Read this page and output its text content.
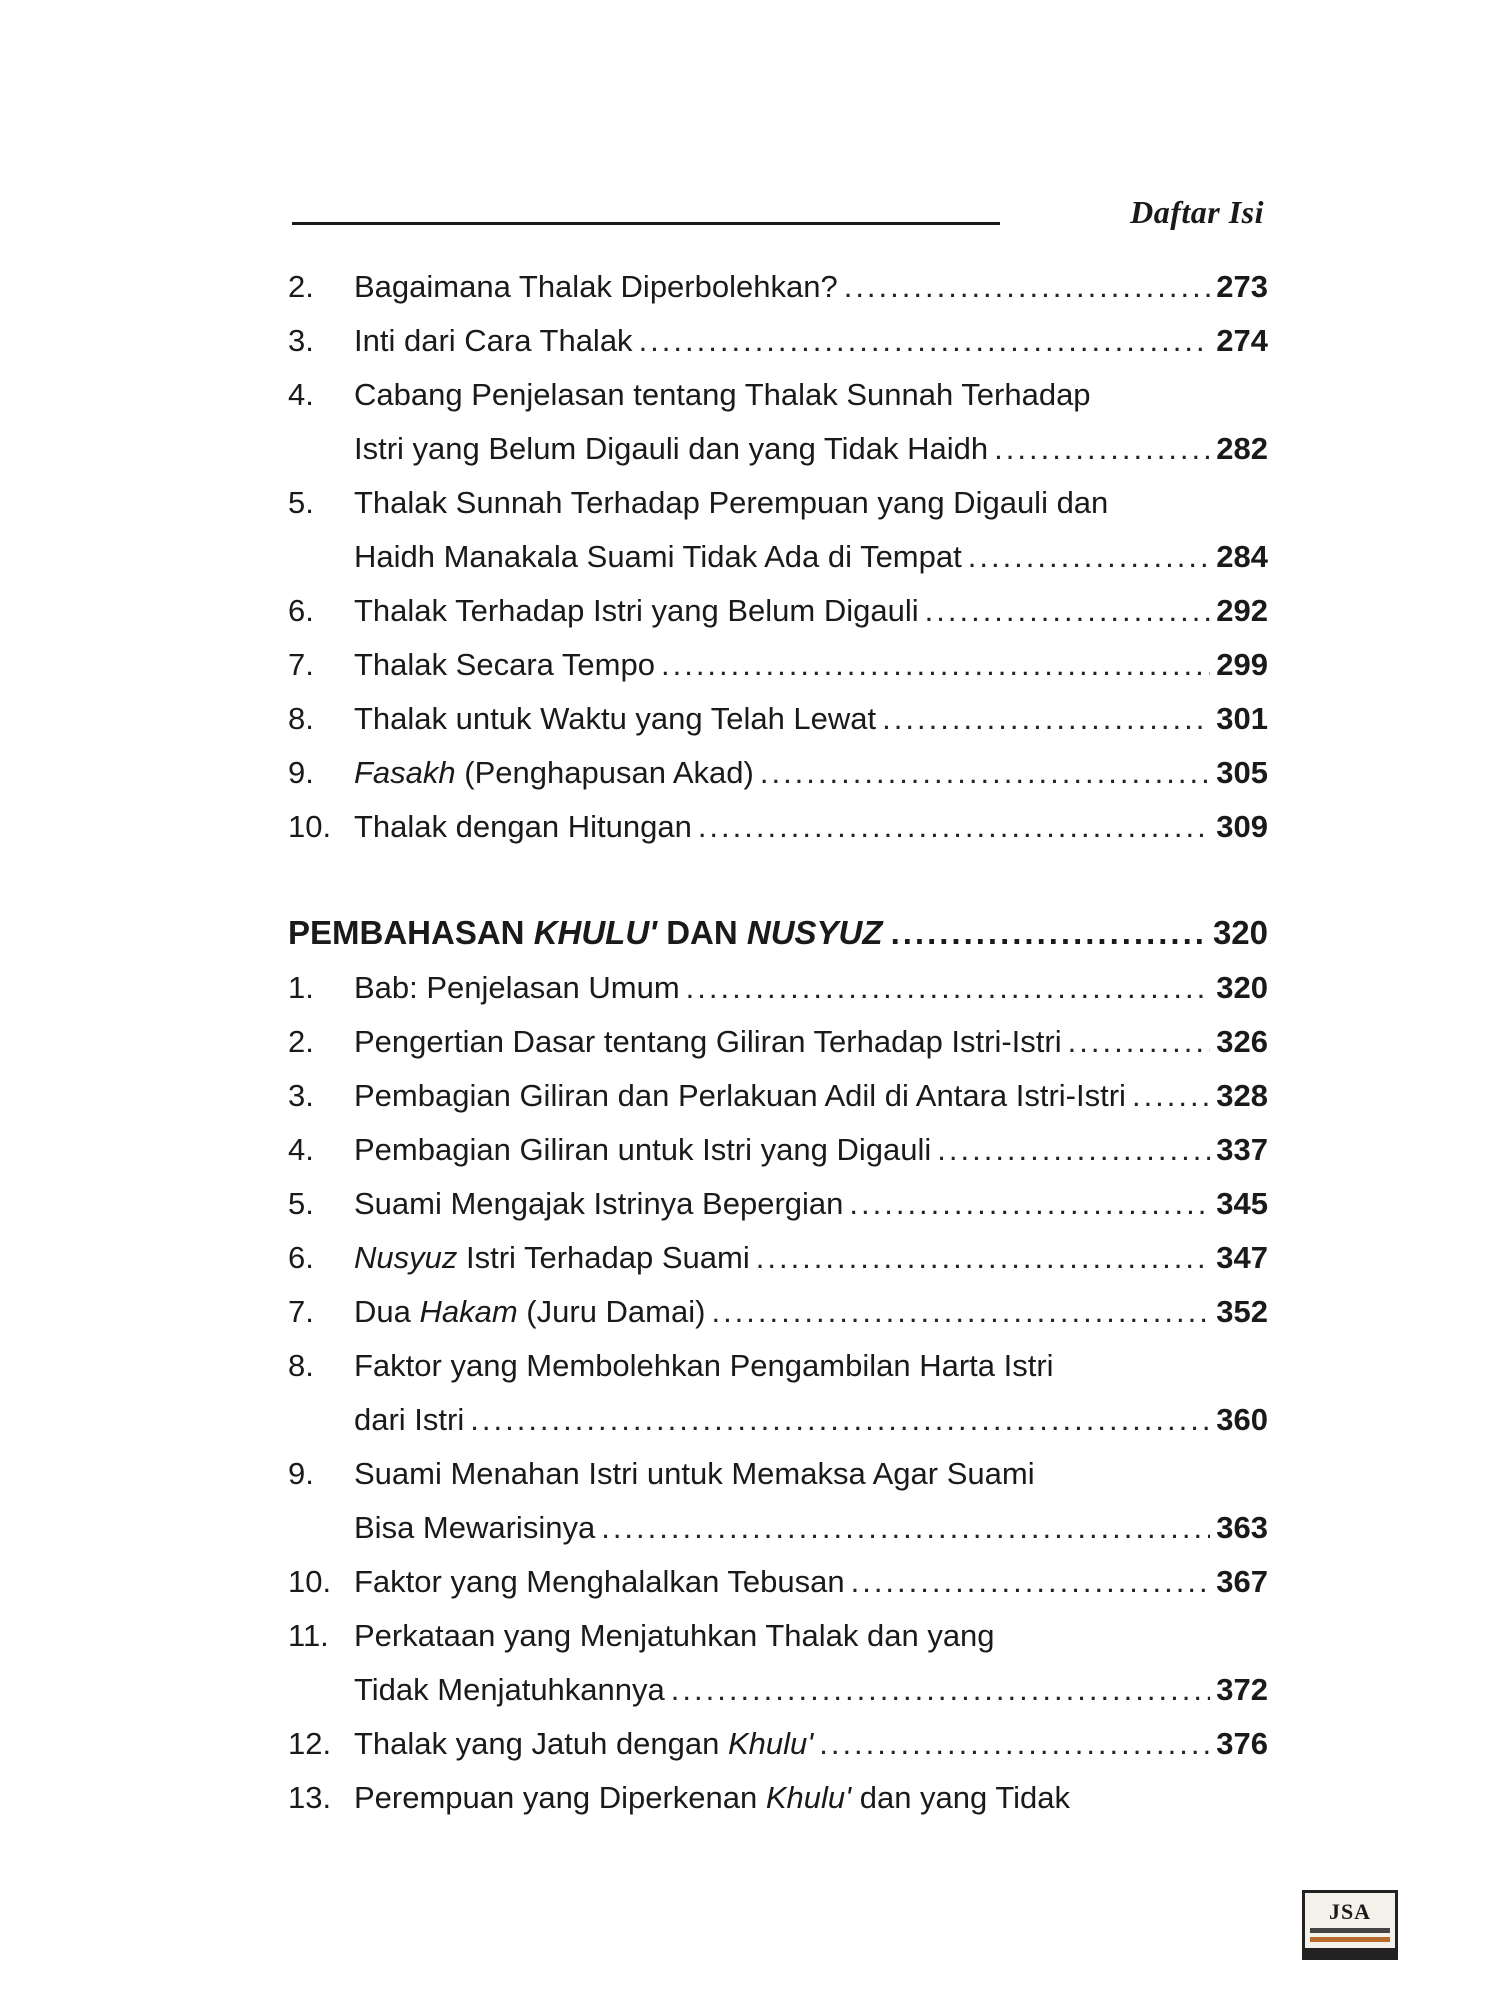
Daftar Isi
2.	Bagaimana Thalak Diperbolehkan? .....	273
3.	Inti dari Cara Thalak .....	274
4.	Cabang Penjelasan tentang Thalak Sunnah Terhadap
Istri yang Belum Digauli dan yang Tidak Haidh .....	282
5.	Thalak Sunnah Terhadap Perempuan yang Digauli dan
Haidh Manakala Suami Tidak Ada di Tempat .....	284
6.	Thalak Terhadap Istri yang Belum Digauli .....	292
7.	Thalak Secara Tempo .....	299
8.	Thalak untuk Waktu yang Telah Lewat .....	301
9.	Fasakh (Penghapusan Akad) .....	305
10. Thalak dengan Hitungan .....	309
PEMBAHASAN KHULU' DAN NUSYUZ .....	320
1.	Bab: Penjelasan Umum .....	320
2.	Pengertian Dasar tentang Giliran Terhadap Istri-Istri .....	326
3.	Pembagian Giliran dan Perlakuan Adil di Antara Istri-Istri .....	328
4.	Pembagian Giliran untuk Istri yang Digauli .....	337
5.	Suami Mengajak Istrinya Bepergian .....	345
6.	Nusyuz Istri Terhadap Suami .....	347
7.	Dua Hakam (Juru Damai) .....	352
8.	Faktor yang Membolehkan Pengambilan Harta Istri
dari Istri .....	360
9.	Suami Menahan Istri untuk Memaksa Agar Suami
Bisa Mewarisinya .....	363
10. Faktor yang Menghalalkan Tebusan .....	367
11. Perkataan yang Menjatuhkan Thalak dan yang
Tidak Menjatuhkannya .....	372
12. Thalak yang Jatuh dengan Khulu' .....	376
13. Perempuan yang Diperkenan Khulu' dan yang Tidak
JSA
